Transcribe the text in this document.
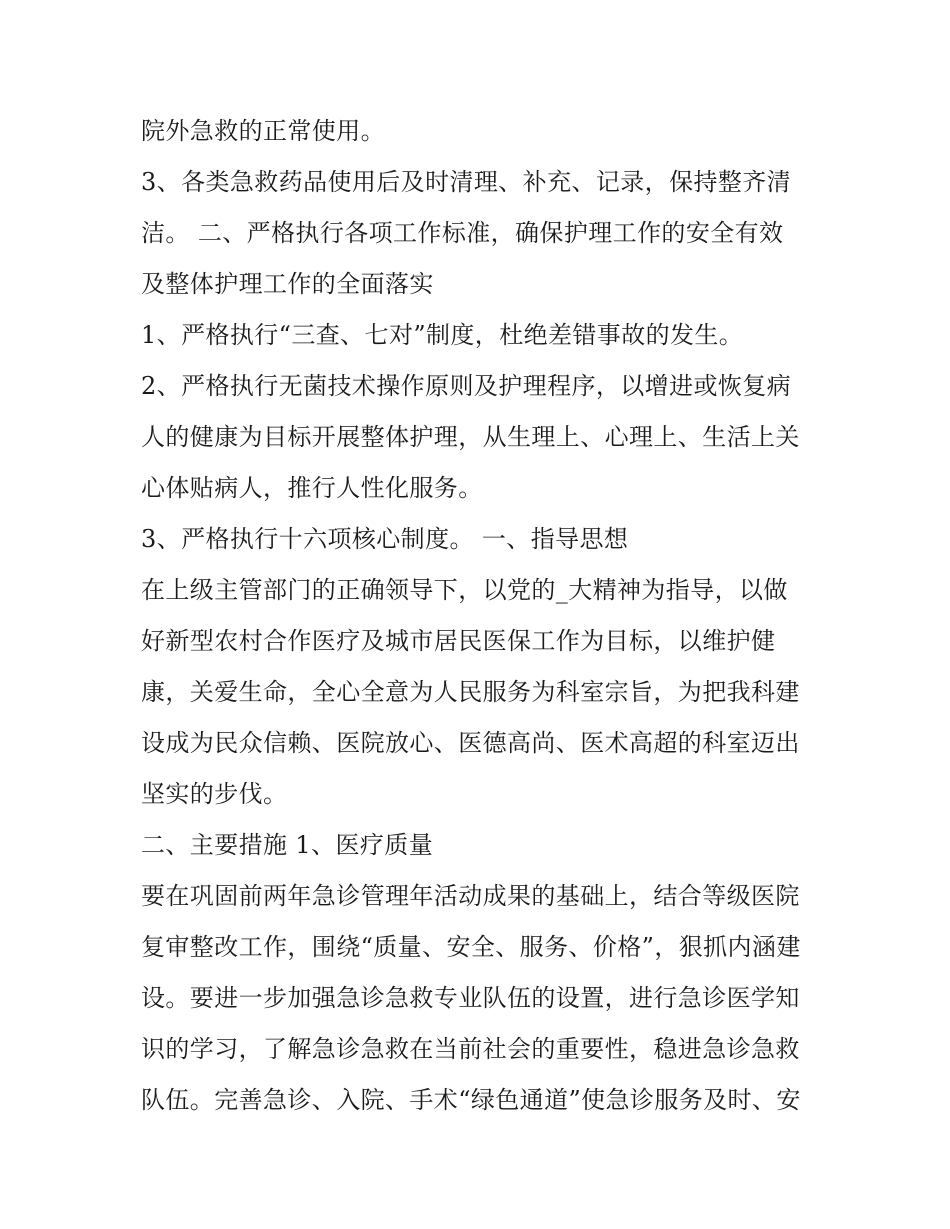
院外急救的正常使用。
3、各类急救药品使用后及时清理、补充、记录，保持整齐清
洁。 二、严格执行各项工作标准，确保护理工作的安全有效
及整体护理工作的全面落实
1、严格执行“三查、七对”制度，杜绝差错事故的发生。
2、严格执行无菌技术操作原则及护理程序，以增进或恢复病
人的健康为目标开展整体护理，从生理上、心理上、生活上关
心体贴病人，推行人性化服务。
3、严格执行十六项核心制度。 一、指导思想
在上级主管部门的正确领导下，以党的_大精神为指导，以做
好新型农村合作医疗及城市居民医保工作为目标，以维护健
康，关爱生命，全心全意为人民服务为科室宗旨，为把我科建
设成为民众信赖、医院放心、医德高尚、医术高超的科室迈出
坚实的步伐。
二、主要措施 1、医疗质量
要在巩固前两年急诊管理年活动成果的基础上，结合等级医院
复审整改工作，围绕“质量、安全、服务、价格”，狠抓内涵建
设。要进一步加强急诊急救专业队伍的设置，进行急诊医学知
识的学习，了解急诊急救在当前社会的重要性，稳进急诊急救
队伍。完善急诊、入院、手术“绿色通道”使急诊服务及时、安
